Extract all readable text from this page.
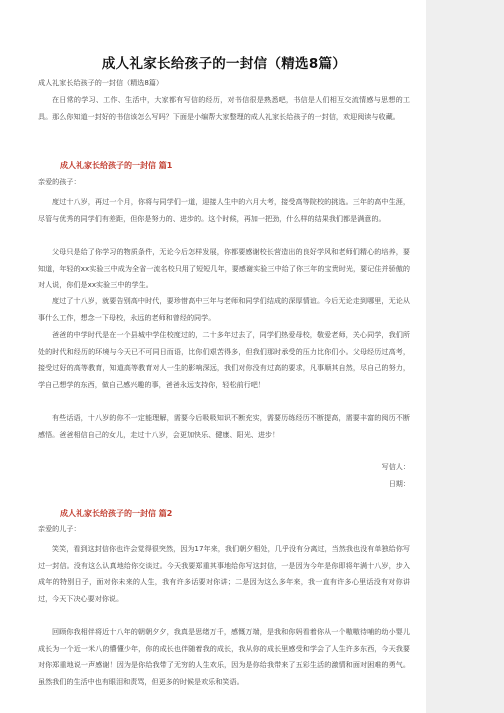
成人礼家长给孩子的一封信（精选8篇）
成人礼家长给孩子的一封信（精选8篇）
在日常的学习、工作、生活中，大家都有写信的经历，对书信很是熟悉吧，书信是人们相互交流情感与思想的工具。那么你知道一封好的书信该怎么写吗？下面是小编帮大家整理的成人礼家长给孩子的一封信，欢迎阅读与收藏。
成人礼家长给孩子的一封信 篇1
亲爱的孩子：
度过十八岁，再过一个月，你将与同学们一道，迎接人生中的六月大考，接受高等院校的挑选。三年的高中生涯，尽管与优秀的同学们有差距，但你是努力的、进步的。这个时候，再加一把劲，什么样的结果我们都是满意的。
父母只是给了你学习的物质条件，无论今后怎样发展，你都要感谢校长营造出的良好学风和老师们精心的培养，要知道，年轻的xx实验三中成为全省一流名校只用了短短几年，要感谢实验三中给了你三年的宝贵时光，要记住并骄傲的对人说，你们是xx实验三中的学生。
度过了十八岁，就要告别高中时代，要珍惜高中三年与老师和同学们结成的深厚情谊。今后无论走到哪里，无论从事什么工作，想念一下母校，永远的老师和曾经的同学。
爸爸的中学时代是在一个县城中学住校度过的，二十多年过去了，同学们热爱母校，敬爱老师，关心同学，我们所处的时代和经历的环境与今天已不可同日而语，比你们艰苦得多，但我们那时承受的压力比你们小。父母经历过高考，接受过好的高等教育，知道高等教育对人一生的影响深远，我们对你没有过高的要求，凡事顺其自然，尽自己的努力，学自己想学的东西，做自己感兴趣的事，爸爸永远支持你，轻松前行吧！
有些话语，十八岁的你不一定能理解，需要今后吸吸知识不断充实，需要历练经历不断提高，需要丰富的阅历不断感悟。爸爸相信自己的女儿，走过十八岁，会更加快乐、健康、阳光、进步！
写信人：
日期：
成人礼家长给孩子的一封信 篇2
亲爱的儿子：
笑笑，看到这封信你也许会觉得很突然，因为17年来，我们朝夕相处，几乎没有分离过，当然我也没有单独给你写过一封信。没有这么认真地给你交谈过。今天我要郑重其事地给你写这封信，一是因为今年是你即将年满十八岁，步入成年的特别日子，面对你未来的人生，我有许多话要对你讲；二是因为这么多年来，我一直有许多心里话没有对你讲过，今天下决心要对你说。
回顾你我相伴将近十八年的朝朝夕夕，我真是思绪万千，感慨万端，是我和你妈看着你从一个嗷嗷待哺的幼小婴儿成长为一个近一米八的懵懂少年，你的成长也伴随着我的成长，我从你的成长里感受和学会了人生许多东西，今天我要对你郑重地说一声感谢！因为是你给我带了无穷的人生欢乐，因为是你给我带来了五彩生活的激情和面对困难的勇气。虽然我们的生活中也有眼泪和责骂，但更多的时候是欢乐和笑语。
